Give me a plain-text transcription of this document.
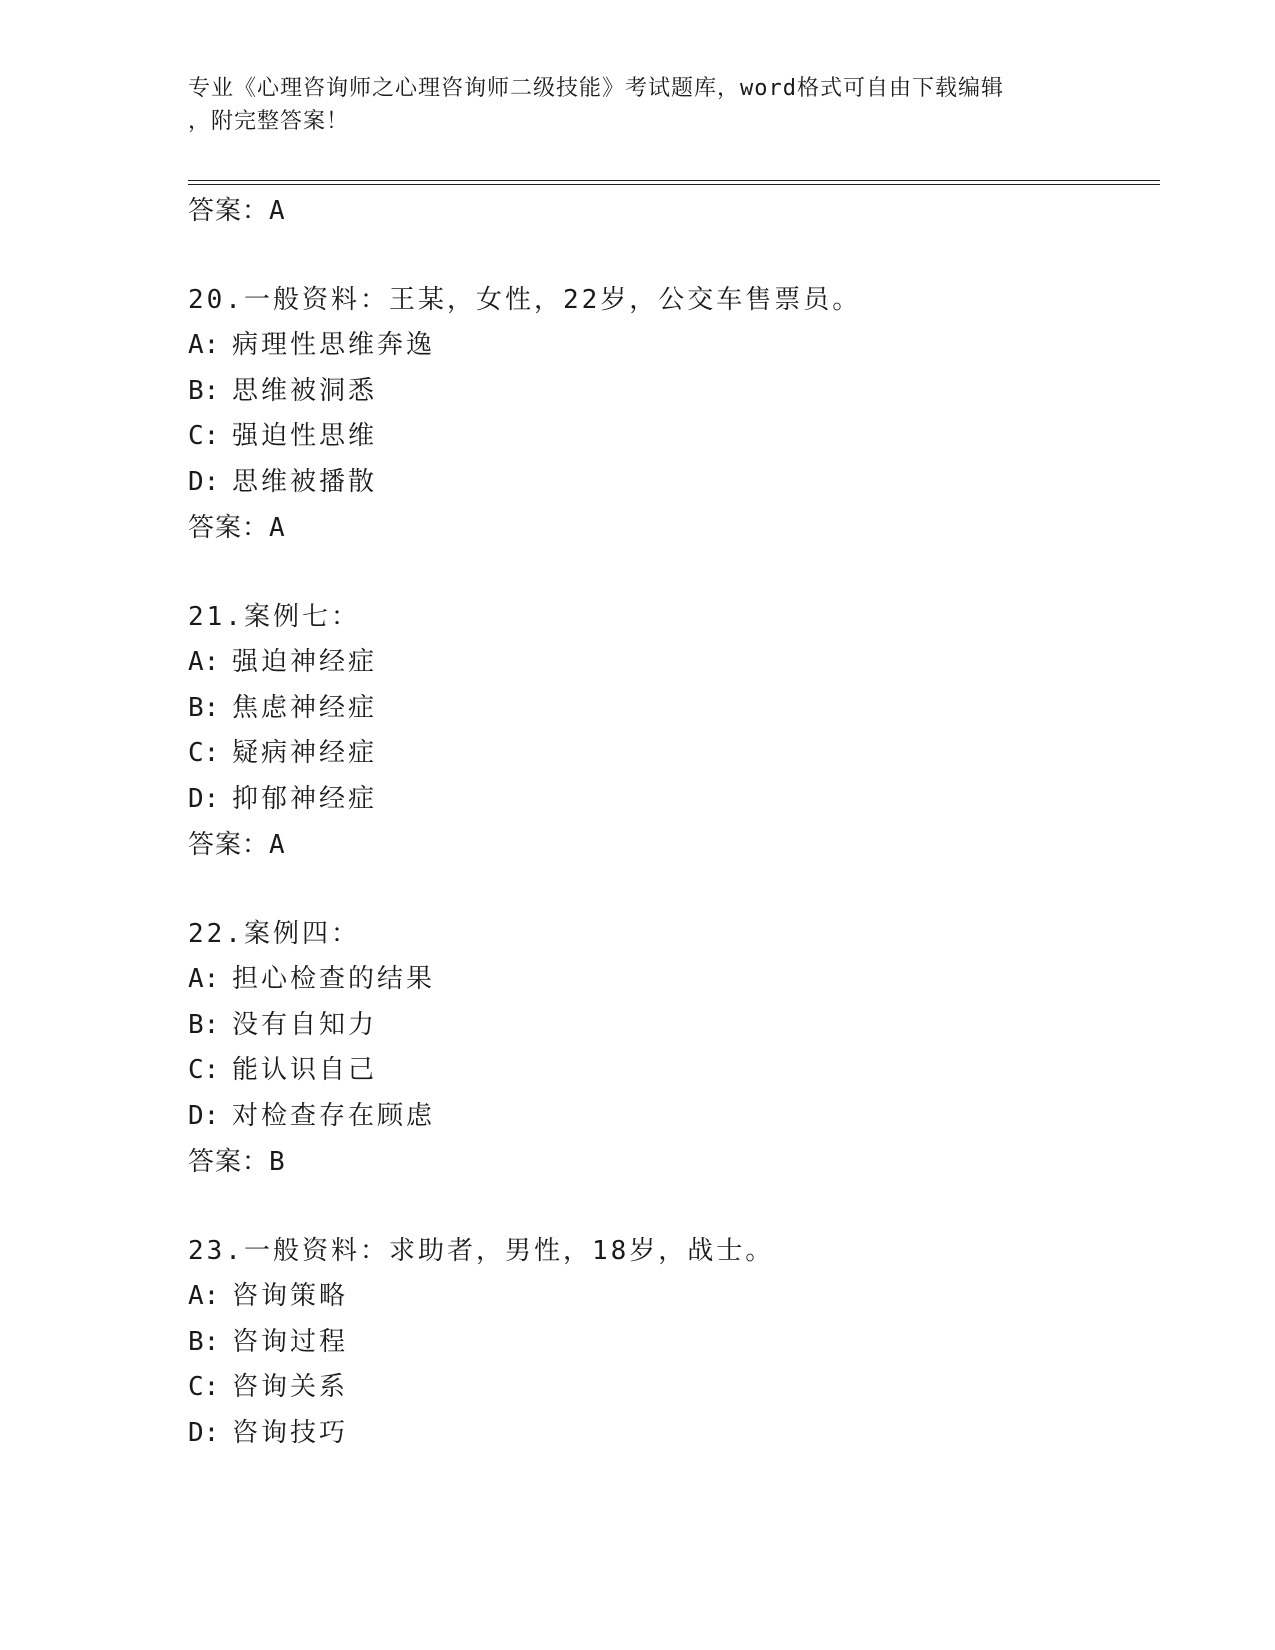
专业《心理咨询师之心理咨询师二级技能》考试题库，word格式可自由下载编辑
，附完整答案！
答案：A
20.一般资料：王某，女性，22岁，公交车售票员。
A: 病理性思维奔逸
B: 思维被洞悉
C: 强迫性思维
D: 思维被播散
答案：A
21.案例七：
A: 强迫神经症
B: 焦虑神经症
C: 疑病神经症
D: 抑郁神经症
答案：A
22.案例四：
A: 担心检查的结果
B: 没有自知力
C: 能认识自己
D: 对检查存在顾虑
答案：B
23.一般资料：求助者，男性，18岁，战士。
A: 咨询策略
B: 咨询过程
C: 咨询关系
D: 咨询技巧
